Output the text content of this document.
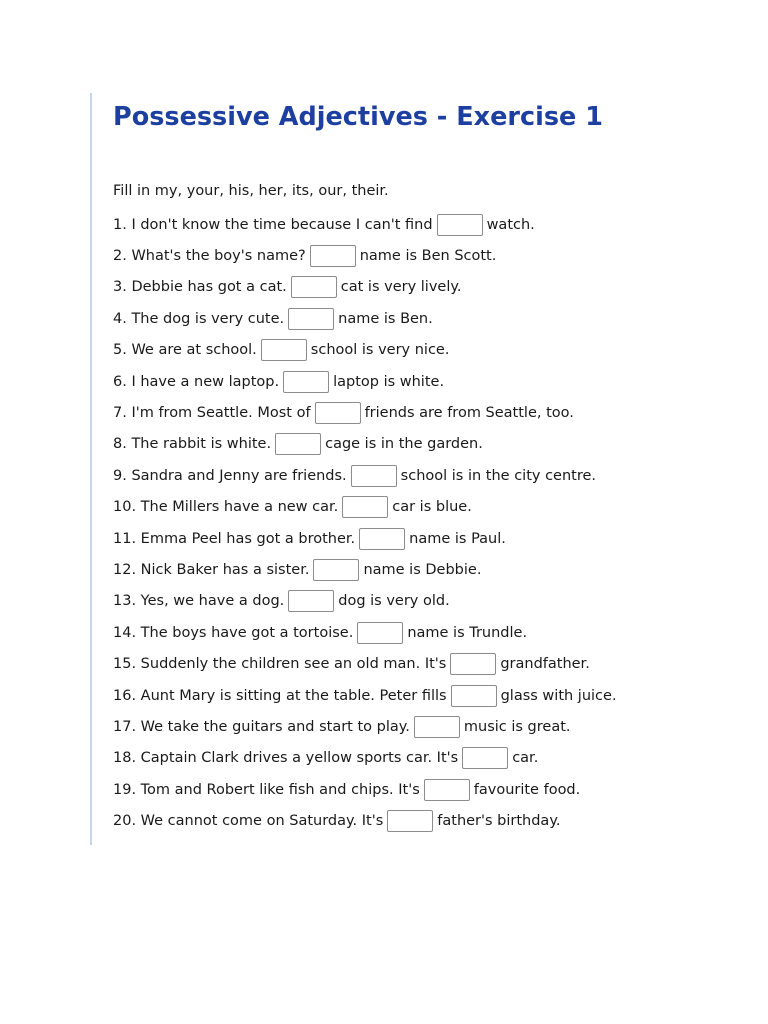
Possessive Adjectives - Exercise 1
Fill in my, your, his, her, its, our, their.
1. I don't know the time because I can't find	watch.
2. What's the boy's name?	name is Ben Scott.
3. Debbie has got a cat.	cat is very lively.
4. The dog is very cute.	name is Ben.
5. We are at school.	school is very nice.
6. I have a new laptop.	laptop is white.
7. I'm from Seattle. Most of	friends are from Seattle, too.
8. The rabbit is white.	cage is in the garden.
9. Sandra and Jenny are friends.	school is in the city centre.
10. The Millers have a new car.	car is blue.
11. Emma Peel has got a brother.	name is Paul.
12. Nick Baker has a sister.	name is Debbie.
13. Yes, we have a dog.	dog is very old.
14. The boys have got a tortoise.	name is Trundle.
15. Suddenly the children see an old man. It's	grandfather.
16. Aunt Mary is sitting at the table. Peter fills	glass with juice.
17. We take the guitars and start to play.	music is great.
18. Captain Clark drives a yellow sports car. It's	car.
19. Tom and Robert like fish and chips. It's	favourite food.
20. We cannot come on Saturday. It's	father's birthday.
